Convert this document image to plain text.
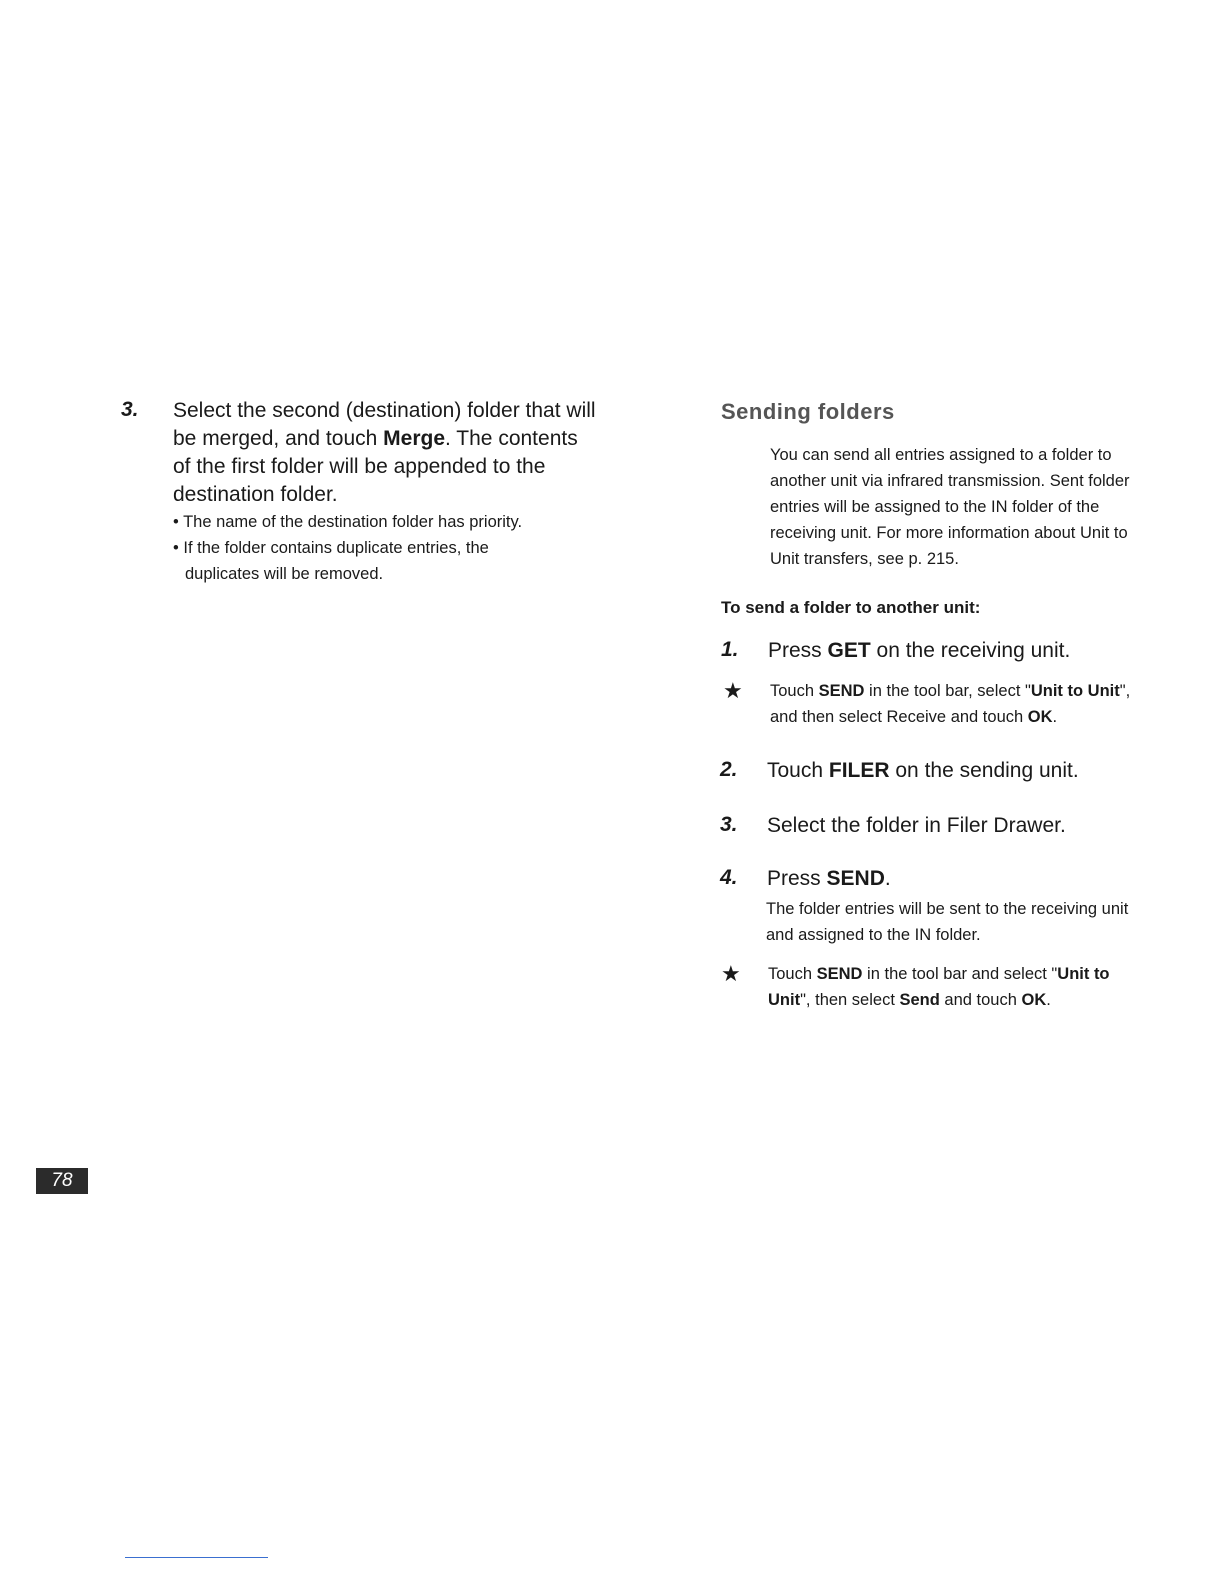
3. Select the second (destination) folder that will

be merged, and touch Merge. The contents

of the first folder will be appended to the

destination folder.

• The name of the destination folder has priority.

• If the folder contains duplicate entries, the

duplicates will be removed.

Sending folders

You can send all entries assigned to a folder to

another unit via infrared transmission. Sent folder

entries will be assigned to the IN folder of the

receiving unit. For more information about Unit to

Unit transfers, see p. 215.

To send a folder to another unit:
1. Press GET on the receiving unit.
★ Touch SEND in the tool bar, select "Unit to Unit",

and then select Receive and touch OK.

2. Touch FILER on the sending unit.
3. Select the folder in Filer Drawer.
4. Press SEND.

The folder entries will be sent to the receiving unit

and assigned to the IN folder.

★ Touch SEND in the tool bar and select "Unit to

Unit", then select Send and touch OK.

78
